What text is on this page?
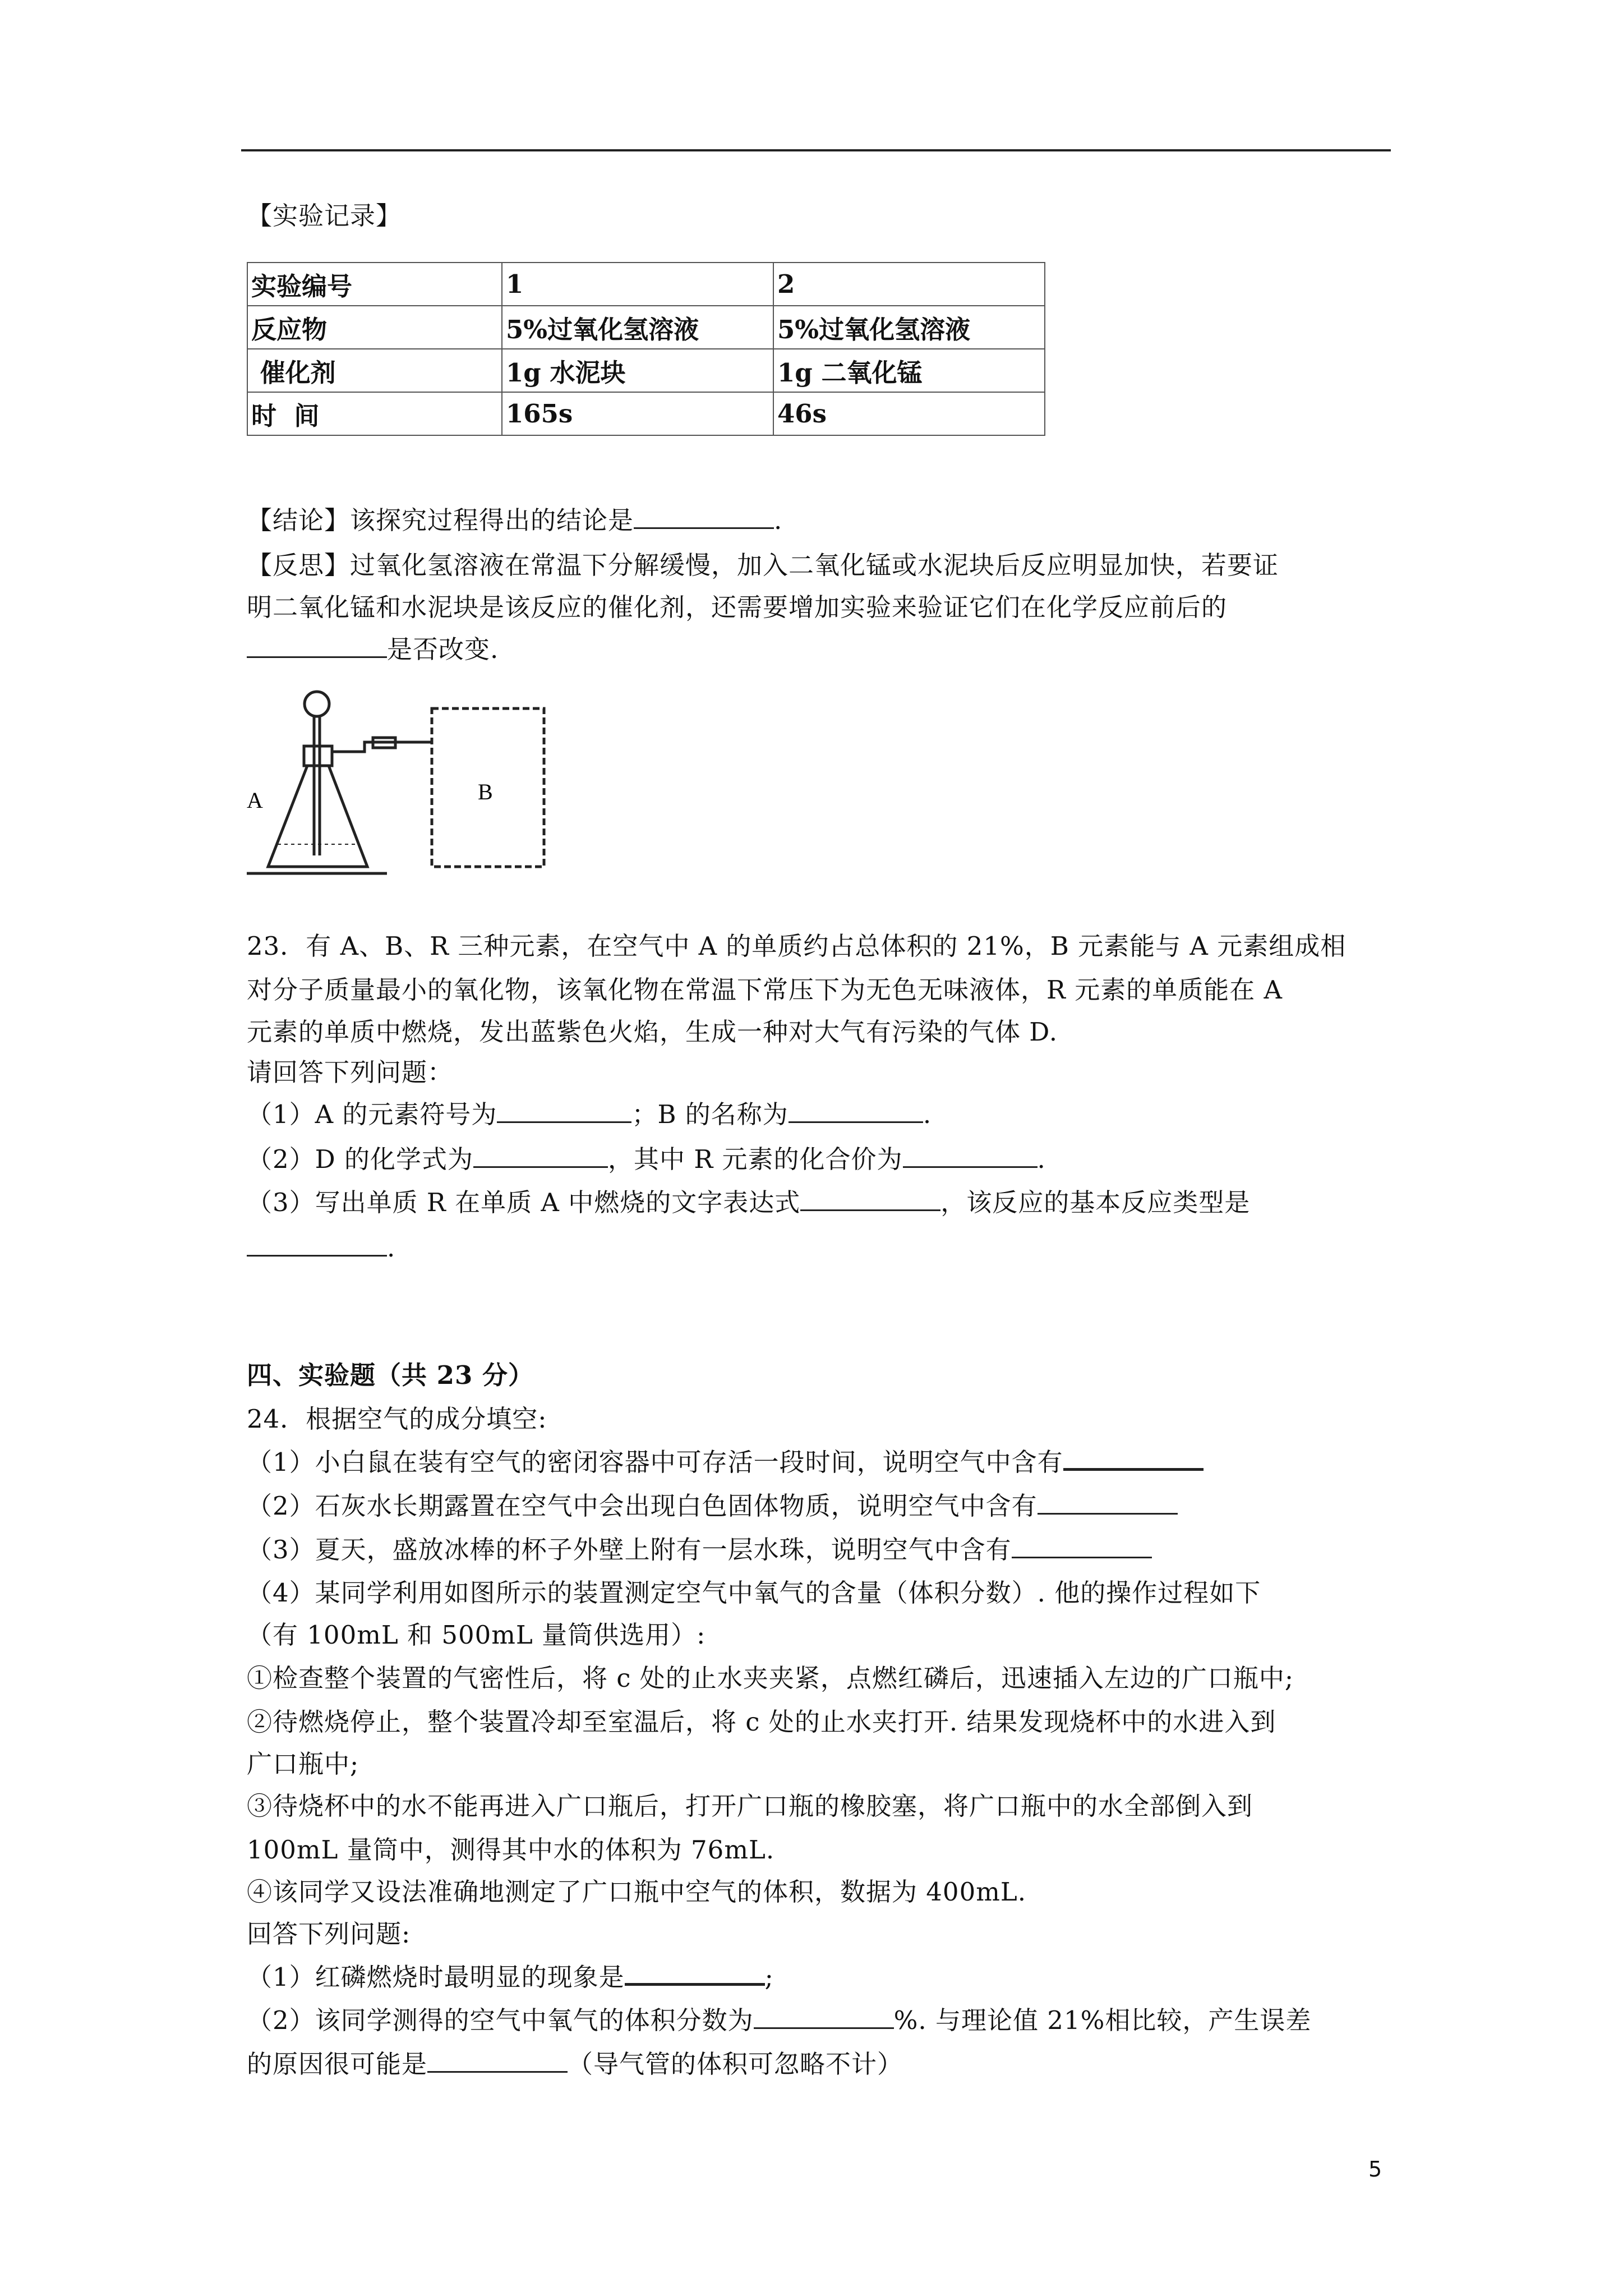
【实验记录】
实验编号	1	2
反应物	5%过氧化氢溶液	5%过氧化氢溶液
催化剂	1g 水泥块	1g 二氧化锰
时  间	165s	46s
【结论】该探究过程得出的结论是	.
【反思】过氧化氢溶液在常温下分解缓慢，加入二氧化锰或水泥块后反应明显加快，若要证
明二氧化锰和水泥块是该反应的催化剂，还需要增加实验来验证它们在化学反应前后的
是否改变.
A	B
23．有 A、B、R 三种元素，在空气中 A 的单质约占总体积的 21%，B 元素能与 A 元素组成相
对分子质量最小的氧化物，该氧化物在常温下常压下为无色无味液体，R 元素的单质能在 A
元素的单质中燃烧，发出蓝紫色火焰，生成一种对大气有污染的气体 D.
请回答下列问题：
（1）A 的元素符号为	；B 的名称为	.
（2）D 的化学式为	，其中 R 元素的化合价为	.
（3）写出单质 R 在单质 A 中燃烧的文字表达式	，该反应的基本反应类型是
.
四、实验题（共 23 分）
24．根据空气的成分填空:
（1）小白鼠在装有空气的密闭容器中可存活一段时间，说明空气中含有
（2）石灰水长期露置在空气中会出现白色固体物质，说明空气中含有
（3）夏天，盛放冰棒的杯子外壁上附有一层水珠，说明空气中含有
（4）某同学利用如图所示的装置测定空气中氧气的含量（体积分数）. 他的操作过程如下
（有 100mL 和 500mL 量筒供选用）:
①检查整个装置的气密性后，将 c 处的止水夹夹紧，点燃红磷后，迅速插入左边的广口瓶中;
②待燃烧停止，整个装置冷却至室温后，将 c 处的止水夹打开. 结果发现烧杯中的水进入到
广口瓶中;
③待烧杯中的水不能再进入广口瓶后，打开广口瓶的橡胶塞，将广口瓶中的水全部倒入到
100mL 量筒中，测得其中水的体积为 76mL.
④该同学又设法准确地测定了广口瓶中空气的体积，数据为 400mL.
回答下列问题:
（1）红磷燃烧时最明显的现象是	;
（2）该同学测得的空气中氧气的体积分数为	%. 与理论值 21%相比较，产生误差
的原因很可能是	（导气管的体积可忽略不计）
5
